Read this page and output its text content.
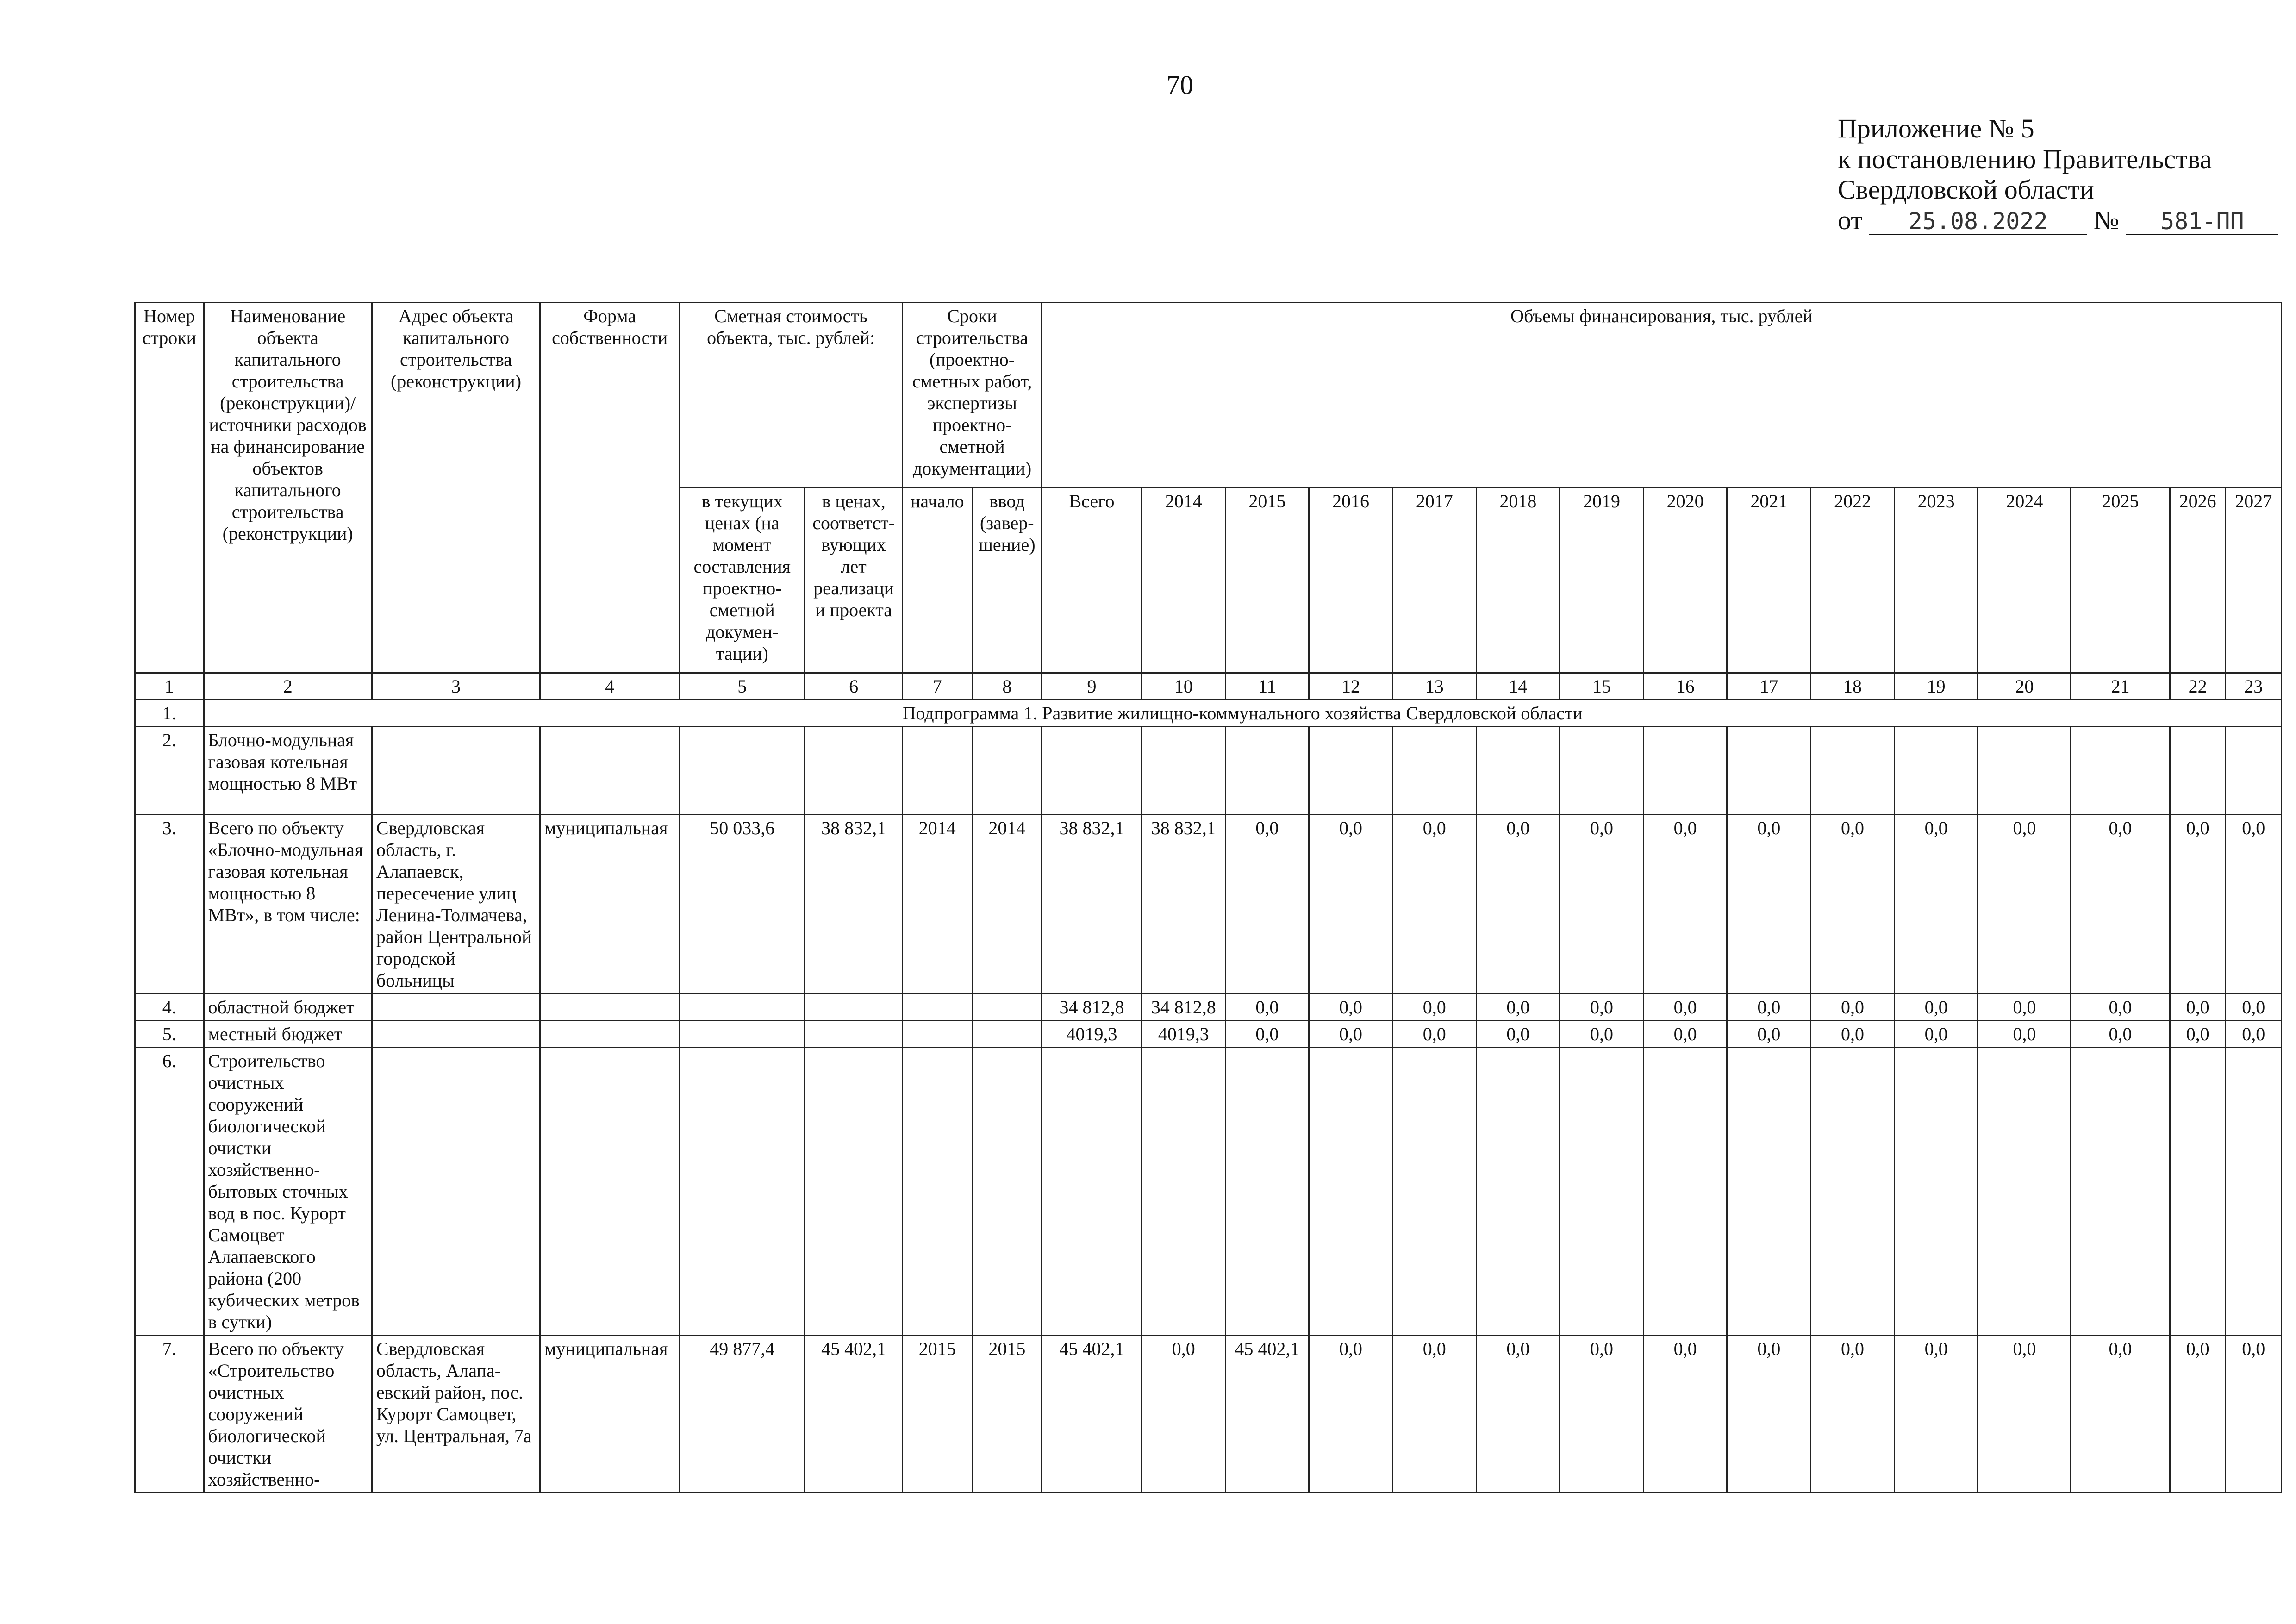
70
Приложение № 5
к постановлению Правительства
Свердловской области
от 25.08.2022 № 581-ПП
Номер строки	Наименование объекта капитального строительства (реконструкции)/ источники расходов на финансирование объектов капитального строительства (реконструкции)	Адрес объекта капитального строительства (реконструкции)	Форма собственности	Сметная стоимость объекта, тыс. рублей:		Сроки строительства (проектно-сметных работ, экспертизы проектно-сметной документации)		Объемы финансирования, тыс. рублей														
				в текущих ценах (на момент составления проектно-сметной докумен-тации)	в ценах, соответст-вующих лет реализации проекта	начало	ввод (завер-шение)	Всего	2014	2015	2016	2017	2018	2019	2020	2021	2022	2023	2024	2025	2026	2027
1	2	3	4	5	6	7	8	9	10	11	12	13	14	15	16	17	18	19	20	21	22	23
1.	Подпрограмма 1. Развитие жилищно-коммунального хозяйства Свердловской области																					
2.	Блочно-модульная газовая котельная мощностью 8 МВт																					
3.	Всего по объекту «Блочно-модульная газовая котельная мощностью 8 МВт», в том числе:	Свердловская область, г. Алапаевск, пересечение улиц Ленина-Толмачева, район Центральной городской больницы	муниципальная	50 033,6	38 832,1	2014	2014	38 832,1	38 832,1	0,0	0,0	0,0	0,0	0,0	0,0	0,0	0,0	0,0	0,0	0,0	0,0	0,0
4.	областной бюджет							34 812,8	34 812,8	0,0	0,0	0,0	0,0	0,0	0,0	0,0	0,0	0,0	0,0	0,0	0,0	0,0
5.	местный бюджет							4019,3	4019,3	0,0	0,0	0,0	0,0	0,0	0,0	0,0	0,0	0,0	0,0	0,0	0,0	0,0
6.	Строительство очистных сооружений биологической очистки хозяйственно-бытовых сточных вод в пос. Курорт Самоцвет Алапаевского района (200 кубических метров в сутки)																					
7.	Всего по объекту «Строительство очистных сооружений биологической очистки хозяйственно-	Свердловская область, Алапа-евский район, пос. Курорт Самоцвет, ул. Центральная, 7а	муниципальная	49 877,4	45 402,1	2015	2015	45 402,1	0,0	45 402,1	0,0	0,0	0,0	0,0	0,0	0,0	0,0	0,0	0,0	0,0	0,0	0,0
